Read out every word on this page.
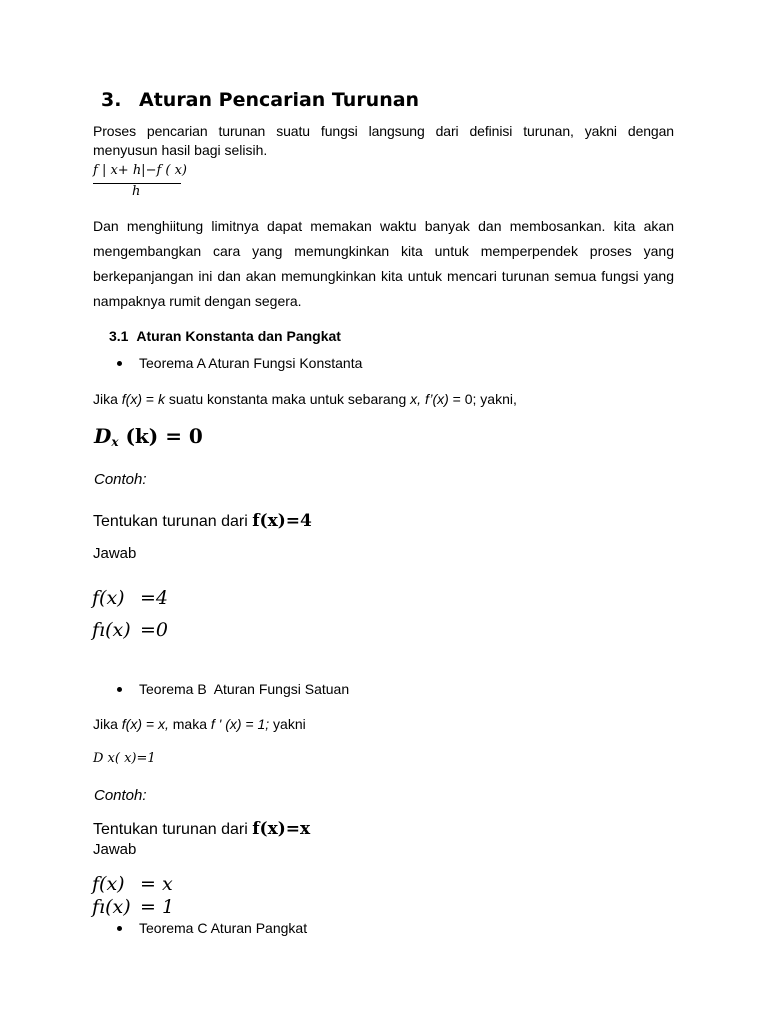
3. Aturan Pencarian Turunan
Proses pencarian turunan suatu fungsi langsung dari definisi turunan, yakni dengan
menyusun hasil bagi selisih.
f | x+ h|−f ( x)
h
Dan menghiitung limitnya dapat memakan waktu banyak dan membosankan. kita akan mengembangkan cara yang memungkinkan kita untuk memperpendek proses yang berkepanjangan ini dan akan memungkinkan kita untuk mencari turunan semua fungsi yang nampaknya rumit dengan segera.
3.1 Aturan Konstanta dan Pangkat
Teorema A Aturan Fungsi Konstanta
Jika f(x) = k suatu konstanta maka untuk sebarang x, f’(x) = 0; yakni,
Dx (k) = 0
Contoh:
Tentukan turunan dari f(x)=4
Jawab
f(x) =4
fı(x) =0
Teorema B  Aturan Fungsi Satuan
Jika f(x) = x, maka f ' (x) = 1; yakni
D x( x)=1
Contoh:
Tentukan turunan dari f(x)=x
Jawab
f(x) = x
fı(x) = 1
Teorema C Aturan Pangkat
